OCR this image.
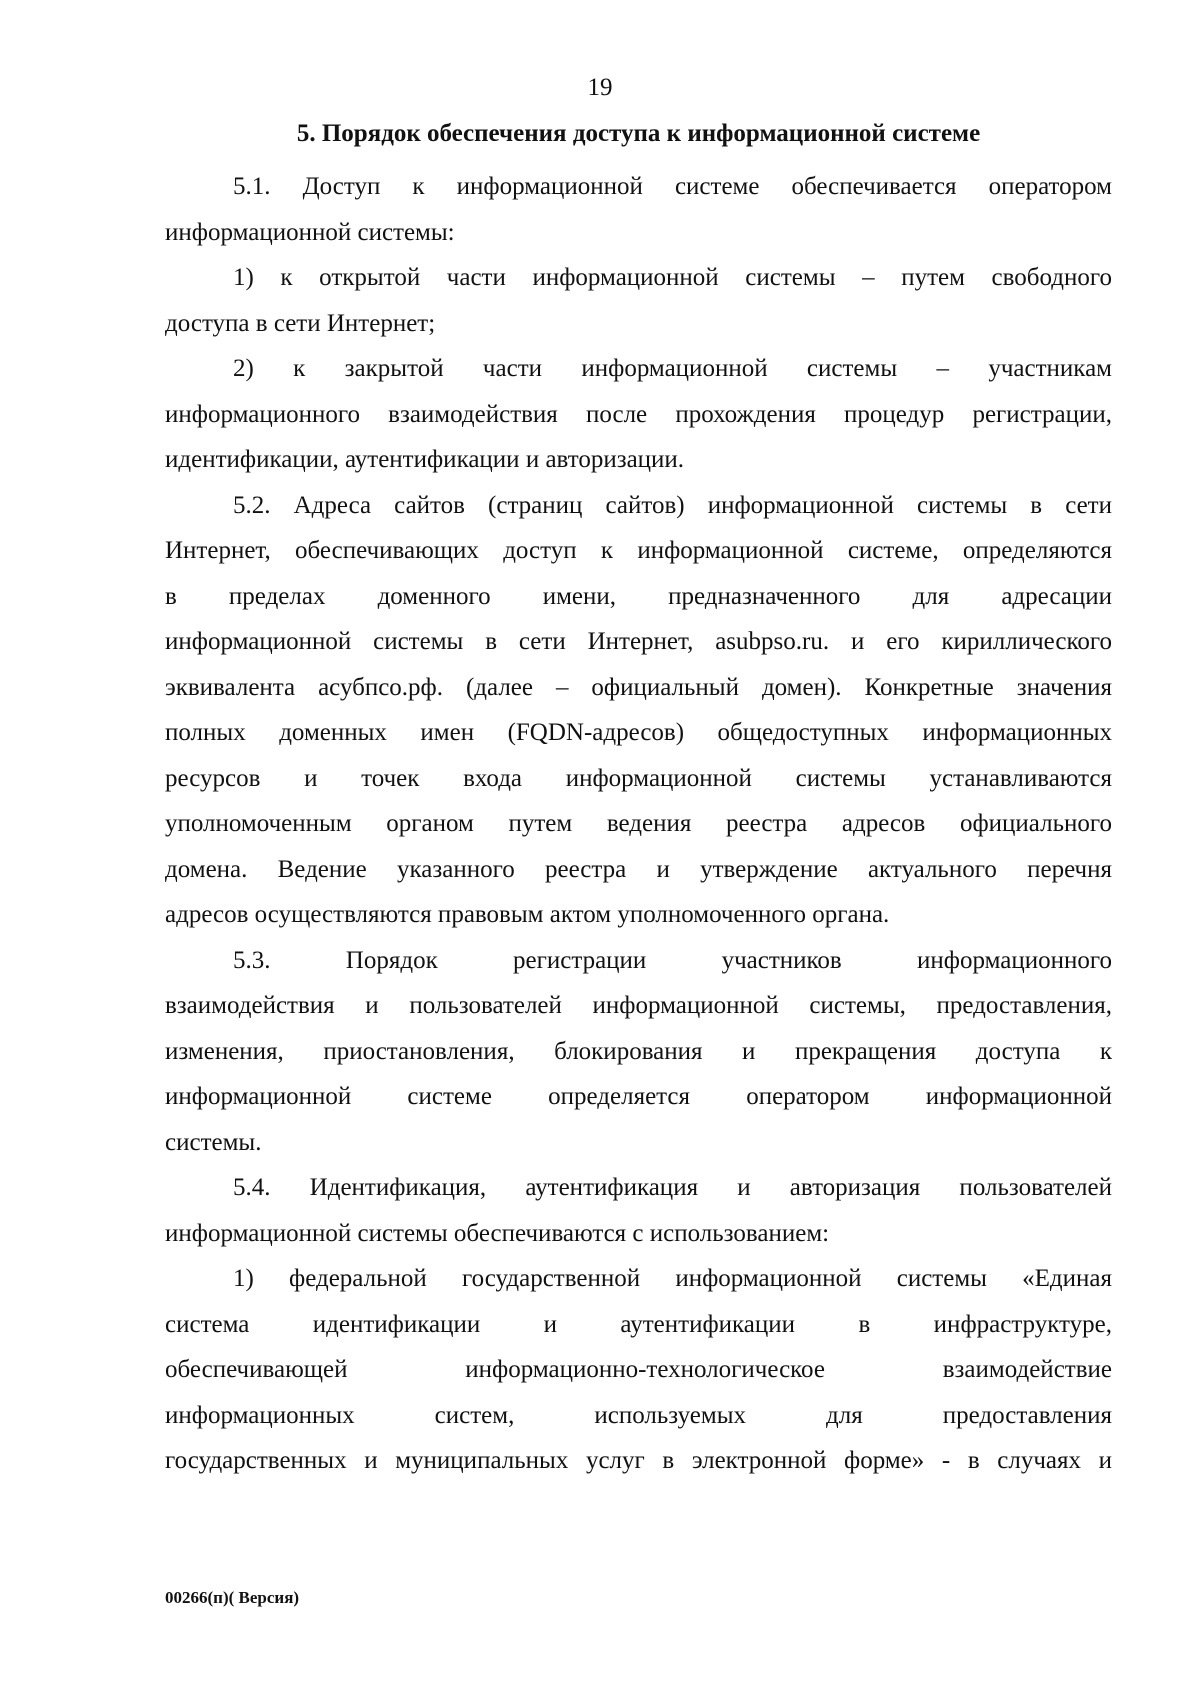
19
5. Порядок обеспечения доступа к информационной системе
5.1. Доступ к информационной системе обеспечивается оператором
информационной системы:
1) к открытой части информационной системы – путем свободного
доступа в сети Интернет;
2) к закрытой части информационной системы – участникам
информационного взаимодействия после прохождения процедур регистрации,
идентификации, аутентификации и авторизации.
5.2. Адреса сайтов (страниц сайтов) информационной системы в сети
Интернет, обеспечивающих доступ к информационной системе, определяются
в пределах доменного имени, предназначенного для адресации
информационной системы в сети Интернет, asubpso.ru. и его кириллического
эквивалента асубпсо.рф. (далее – официальный домен). Конкретные значения
полных доменных имен (FQDN-адресов) общедоступных информационных
ресурсов и точек входа информационной системы устанавливаются
уполномоченным органом путем ведения реестра адресов официального
домена. Ведение указанного реестра и утверждение актуального перечня
адресов осуществляются правовым актом уполномоченного органа.
5.3. Порядок регистрации участников информационного
взаимодействия и пользователей информационной системы, предоставления,
изменения, приостановления, блокирования и прекращения доступа к
информационной системе определяется оператором информационной
системы.
5.4. Идентификация, аутентификация и авторизация пользователей
информационной системы обеспечиваются с использованием:
1) федеральной государственной информационной системы «Единая
система идентификации и аутентификации в инфраструктуре,
обеспечивающей информационно-технологическое взаимодействие
информационных систем, используемых для предоставления
государственных и муниципальных услуг в электронной форме» - в случаях и
00266(п)( Версия)
